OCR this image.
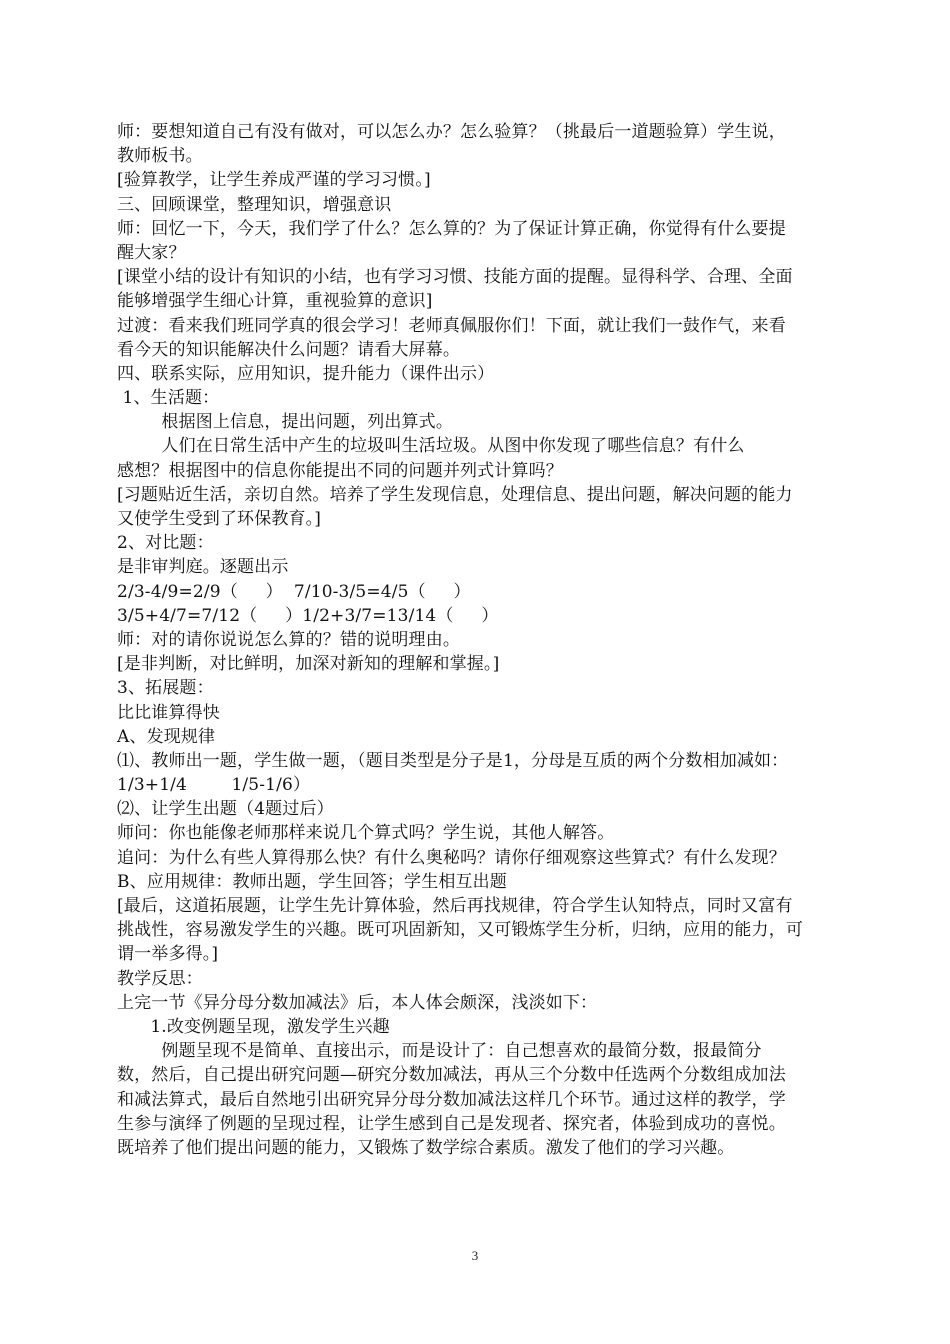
师：要想知道自己有没有做对，可以怎么办？怎么验算？（挑最后一道题验算）学生说，
教师板书。
[验算教学，让学生养成严谨的学习习惯。]
三、回顾课堂，整理知识，增强意识
师：回忆一下，今天，我们学了什么？怎么算的？为了保证计算正确，你觉得有什么要提
醒大家？
[课堂小结的设计有知识的小结，也有学习习惯、技能方面的提醒。显得科学、合理、全面
能够增强学生细心计算，重视验算的意识]
过渡：看来我们班同学真的很会学习！老师真佩服你们！下面，就让我们一鼓作气，来看
看今天的知识能解决什么问题？请看大屏幕。
四、联系实际，应用知识，提升能力（课件出示）
1、生活题：
根据图上信息，提出问题，列出算式。
人们在日常生活中产生的垃圾叫生活垃圾。从图中你发现了哪些信息？有什么
感想？根据图中的信息你能提出不同的问题并列式计算吗？
[习题贴近生活，亲切自然。培养了学生发现信息，处理信息、提出问题，解决问题的能力
又使学生受到了环保教育。]
2、对比题：
是非审判庭。逐题出示
2/3-4/9=2/9（     ）  7/10-3/5=4/5（     ）
3/5+4/7=7/12（     ）1/2+3/7=13/14（     ）
师：对的请你说说怎么算的？错的说明理由。
[是非判断，对比鲜明，加深对新知的理解和掌握。]
3、拓展题：
比比谁算得快
A、发现规律
⑴、教师出一题，学生做一题，（题目类型是分子是1，分母是互质的两个分数相加减如：
1/3+1/4        1/5-1/6）
⑵、让学生出题（4题过后）
师问：你也能像老师那样来说几个算式吗？学生说，其他人解答。
追问：为什么有些人算得那么快？有什么奥秘吗？请你仔细观察这些算式？有什么发现？
B、应用规律：教师出题，学生回答；学生相互出题
[最后，这道拓展题，让学生先计算体验，然后再找规律，符合学生认知特点，同时又富有
挑战性，容易激发学生的兴趣。既可巩固新知，又可锻炼学生分析，归纳，应用的能力，可
谓一举多得。]
教学反思：
上完一节《异分母分数加减法》后，本人体会颇深，浅淡如下：
1.改变例题呈现，激发学生兴趣
例题呈现不是简单、直接出示，而是设计了：自己想喜欢的最简分数，报最简分
数，然后，自己提出研究问题—研究分数加减法，再从三个分数中任选两个分数组成加法
和减法算式，最后自然地引出研究异分母分数加减法这样几个环节。通过这样的教学，学
生参与演绎了例题的呈现过程，让学生感到自己是发现者、探究者，体验到成功的喜悦。
既培养了他们提出问题的能力，又锻炼了数学综合素质。激发了他们的学习兴趣。
3
